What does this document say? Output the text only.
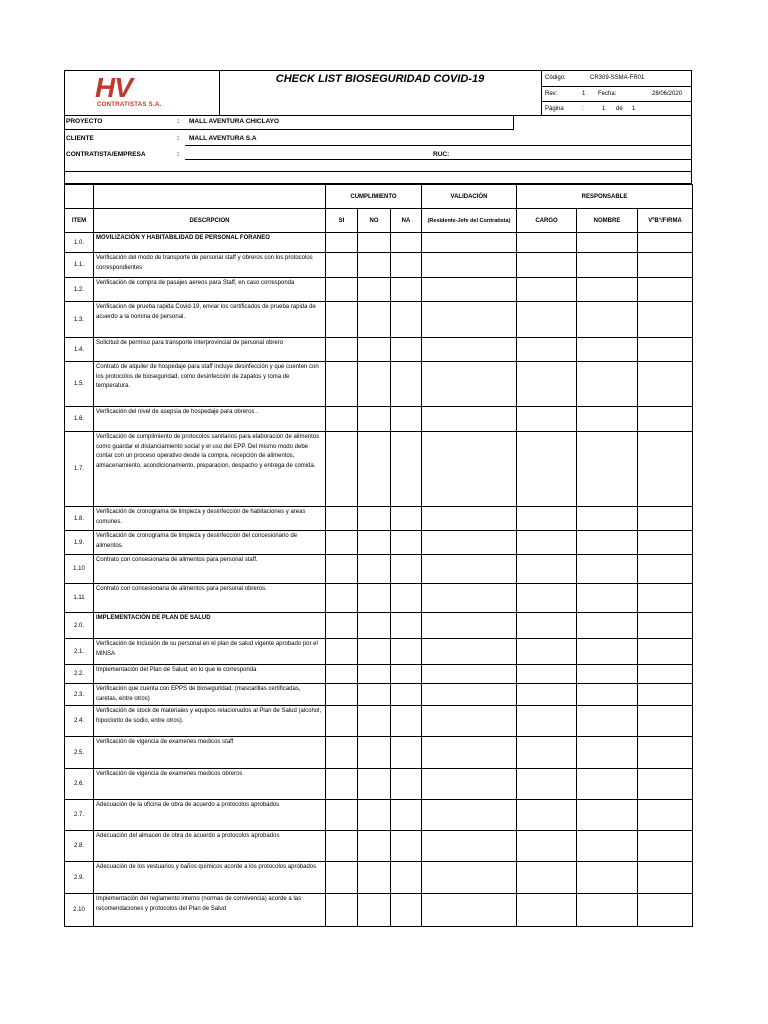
HV
CONTRATISTAS S.A.
CHECK LIST BIOSEGURIDAD COVID-19	Código:	CR309-SSMA-FR01
Rev:	1 Fecha:	28/06/2020
Página	:	1 de 1
PROYECTO	: MALL AVENTURA CHICLAYO
CLIENTE	: MALL AVENTURA S.A
CONTRATISTA/EMPRESA	:	RUC:
		CUMPLIMIENTO			VALIDACIÓN	RESPONSABLE		
ITEM	DESCRPCION	SI	NO	NA	(Residente-Jefe del Contratista)	CARGO	NOMBRE	VºB°/FIRMA
1.0.	MOVILIZACIÓN Y HABITABILIDAD DE PERSONAL FORANEO							
1.1.	Verificación del modo de transporte de personal staff y obreros con los protocolos correspondientes							
1.2.	Verificación de compra de pasajes aereos para Staff, en caso corresponda							
1.3.	Verificacion de prueba rapida Covid-19, enviar los certificados de prueba rapida de acuerdo a la nomina de personal.							
1.4.	Solicitud de permiso para transporte interprovincial de personal obrero							
1.5.	Contrato de alquiler de hospedaje para staff incluye desinfección y que cuenten con los protocolos de bioseguridad, como desinfección de zapatos y toma de temperatura.							
1.6.	Verificación del nivel de asepsia de hospedaje para obreros .							
1.7.	Verificación de cumplimiento de protocolos sanitarios para elaboración de alimentos como guardar el distanciamiento social y el uso del EPP. Del mismo modo debe contar con un proceso operativo desde la compra, recepción de alimentos, almacenamiento, acondicionamiento, preparacion, despacho y entrega de comida.							
1.8.	Verificación de cronograma de limpieza y desinfección de habitaciones y areas comunes.							
1.9.	Verificación de cronograma de limpieza y desinfección del concesionario de alimentos.							
1.10	Contrato con consesionaria de alimentos para personal staff.							
1.11	Contrato con consesionaria de alimentos para personal obreros.							
2.0.	IMPLEMENTACIÓN DE PLAN DE SALUD							
2.1.	Verificación de inclusión de su personal en el plan de salud vigente aprobado por el MINSA							
2.2.	Implementación del Plan de Salud, en lo que le corresponda							
2.3.	Verificación que cuenta con EPPS de bioseguridad. (mascarillas certificadas, caretas, entre otros)							
2.4.	Verificación de stock de materiales y equipos relacionados al Plan de Salud (alcohol, hipoclorito de sodio, entre otros).							
2.5.	Verificación de vigencia de examenes medicos staff							
2.6.	Verificación de vigencia de examenes medicos obreros							
2.7.	Adecuación de la oficina de obra de acuerdo a protocolos aprobados							
2.8.	Adecuación del almacen de obra de acuerdo a protocolos aprobados							
2.9.	Adecuación de los vestuarios y baños químicos acorde a los protocolos aprobados							
2.10	Implementación del reglamento interno (normas de convivencia) acorde a las recomendaciones y protocolos del Plan de Salud							
